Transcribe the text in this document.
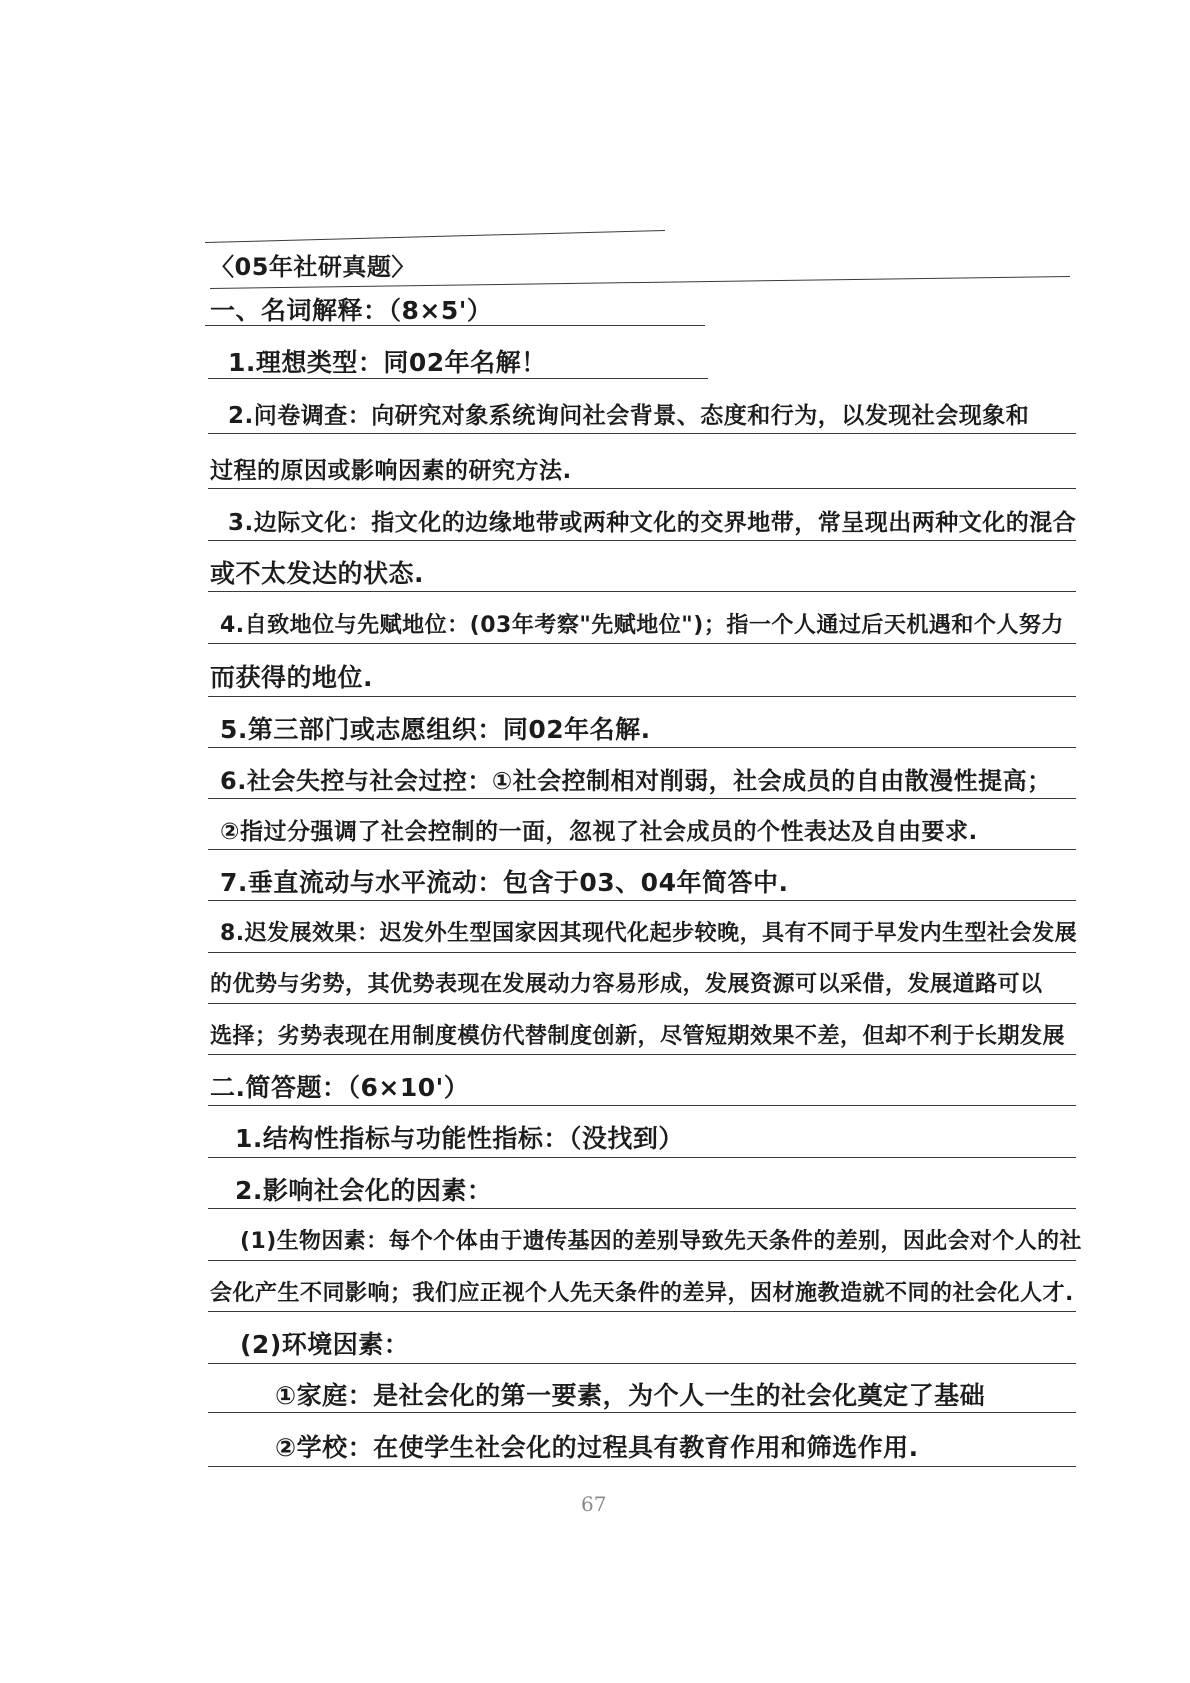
〈05年社研真题〉
一、名词解释：（8×5'）
1.理想类型：同02年名解！
2.问卷调查：向研究对象系统询问社会背景、态度和行为，以发现社会现象和
过程的原因或影响因素的研究方法.
3.边际文化：指文化的边缘地带或两种文化的交界地带，常呈现出两种文化的混合
或不太发达的状态.
4.自致地位与先赋地位：(03年考察"先赋地位")；指一个人通过后天机遇和个人努力
而获得的地位.
5.第三部门或志愿组织：同02年名解.
6.社会失控与社会过控：①社会控制相对削弱，社会成员的自由散漫性提高；
②指过分强调了社会控制的一面，忽视了社会成员的个性表达及自由要求.
7.垂直流动与水平流动：包含于03、04年简答中.
8.迟发展效果：迟发外生型国家因其现代化起步较晚，具有不同于早发内生型社会发展
的优势与劣势，其优势表现在发展动力容易形成，发展资源可以采借，发展道路可以
选择；劣势表现在用制度模仿代替制度创新，尽管短期效果不差，但却不利于长期发展
二.简答题：（6×10'）
1.结构性指标与功能性指标：（没找到）
2.影响社会化的因素：
(1)生物因素：每个个体由于遗传基因的差别导致先天条件的差别，因此会对个人的社
会化产生不同影响；我们应正视个人先天条件的差异，因材施教造就不同的社会化人才.
(2)环境因素：
①家庭：是社会化的第一要素，为个人一生的社会化奠定了基础
②学校：在使学生社会化的过程具有教育作用和筛选作用.
67
